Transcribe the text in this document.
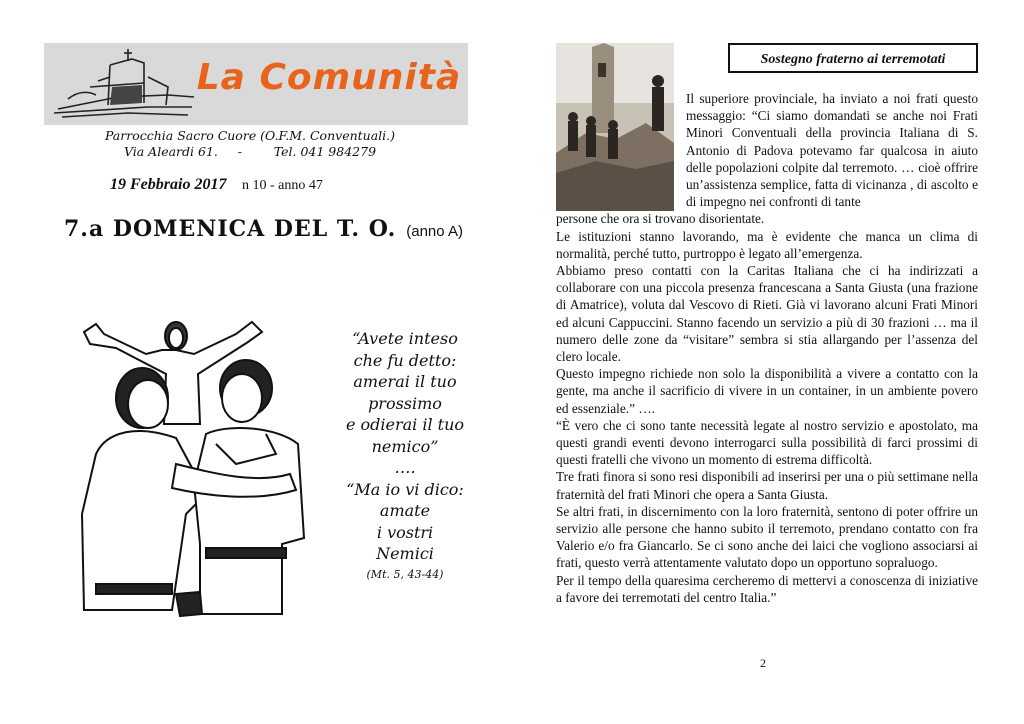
La Comunità
Parrocchia Sacro Cuore (O.F.M. Conventuali.)
Via Aleardi 61.     -        Tel. 041 984279
19 Febbraio 2017 n 10 - anno 47
7.a DOMENICA DEL T. O. (anno A)
“Avete inteso
che fu detto:
amerai il tuo
prossimo
e odierai il tuo
nemico”
….
“Ma io vi dico:
amate
i vostri
Nemici
(Mt. 5, 43-44)
Sostegno fraterno ai terremotati

Il superiore provinciale, ha inviato a noi frati questo messaggio: “Ci siamo domandati se anche noi Frati Minori Conventuali della provincia Italiana di S. Antonio di Padova potevamo far qualcosa in aiuto delle popolazioni colpite dal terremoto. … cioè offrire un’assistenza semplice, fatta di vicinanza , di ascolto e di impegno nei confronti di tante

persone che ora si trovano disorientate.

Le istituzioni stanno lavorando, ma è evidente che manca un clima di normalità, perché tutto, purtroppo è legato all’emergenza.

Abbiamo preso contatti con la Caritas Italiana che ci ha indirizzati a collaborare con una piccola presenza francescana a Santa Giusta (una frazione di Amatrice), voluta dal Vescovo di Rieti. Già vi lavorano alcuni Frati Minori ed alcuni Cappuccini. Stanno facendo un servizio a più di 30 frazioni … ma il numero delle zone da “visitare” sembra si stia allargando per l’assenza del clero locale.

Questo impegno richiede non solo la disponibilità a vivere a contatto con la gente, ma anche il sacrificio di vivere in un container, in un ambiente povero ed essenziale.” ….

“È vero che ci sono tante necessità legate al nostro servizio e apostolato, ma questi grandi eventi devono interrogarci sulla possibilità di farci prossimi di questi fratelli che vivono un momento di estrema difficoltà.

Tre frati finora si sono resi disponibili ad inserirsi per una o più settimane nella fraternità del frati Minori che opera a Santa Giusta.

Se altri frati, in discernimento con la loro fraternità, sentono di poter offrire un servizio alle persone che hanno subito il terremoto, prendano contatto con fra Valerio e/o fra Giancarlo. Se ci sono anche dei laici che vogliono associarsi ai frati, questo verrà attentamente valutato dopo un opportuno sopraluogo.

Per il tempo della quaresima cercheremo di mettervi a conoscenza di iniziative a favore dei terremotati del centro Italia.”

2
